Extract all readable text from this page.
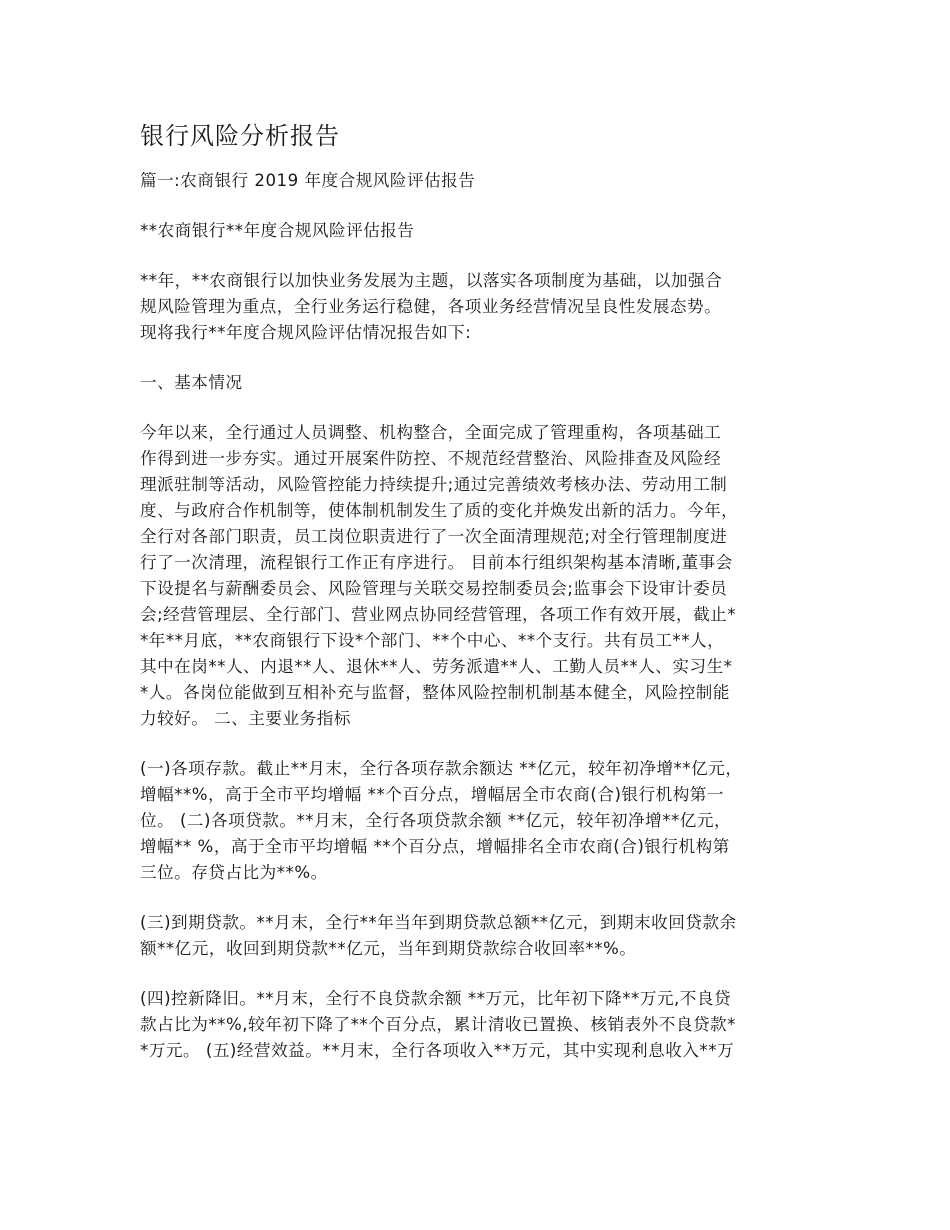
银行风险分析报告
篇一:农商银行 2019 年度合规风险评估报告
**农商银行**年度合规风险评估报告
**年，**农商银行以加快业务发展为主题，以落实各项制度为基础，以加强合
规风险管理为重点，全行业务运行稳健，各项业务经营情况呈良性发展态势。
现将我行**年度合规风险评估情况报告如下:
一、基本情况
今年以来，全行通过人员调整、机构整合，全面完成了管理重构，各项基础工
作得到进一步夯实。通过开展案件防控、不规范经营整治、风险排查及风险经
理派驻制等活动，风险管控能力持续提升;通过完善绩效考核办法、劳动用工制
度、与政府合作机制等，使体制机制发生了质的变化并焕发出新的活力。今年，
全行对各部门职责，员工岗位职责进行了一次全面清理规范;对全行管理制度进
行了一次清理，流程银行工作正有序进行。 目前本行组织架构基本清晰,董事会
下设提名与薪酬委员会、风险管理与关联交易控制委员会;监事会下设审计委员
会;经营管理层、全行部门、营业网点协同经营管理，各项工作有效开展，截止*
*年**月底，**农商银行下设*个部门、**个中心、**个支行。共有员工**人，
其中在岗**人、内退**人、退休**人、劳务派遣**人、工勤人员**人、实习生*
*人。各岗位能做到互相补充与监督，整体风险控制机制基本健全，风险控制能
力较好。 二、主要业务指标
(一)各项存款。截止**月末，全行各项存款余额达 **亿元，较年初净增**亿元，
增幅**%，高于全市平均增幅 **个百分点，增幅居全市农商(合)银行机构第一
位。 (二)各项贷款。**月末，全行各项贷款余额 **亿元，较年初净增**亿元，
增幅** %，高于全市平均增幅 **个百分点，增幅排名全市农商(合)银行机构第
三位。存贷占比为**%。
(三)到期贷款。**月末，全行**年当年到期贷款总额**亿元，到期末收回贷款余
额**亿元，收回到期贷款**亿元，当年到期贷款综合收回率**%。
(四)控新降旧。**月末，全行不良贷款余额 **万元，比年初下降**万元,不良贷
款占比为**%,较年初下降了**个百分点，累计清收已置换、核销表外不良贷款*
*万元。 (五)经营效益。**月末，全行各项收入**万元，其中实现利息收入**万
